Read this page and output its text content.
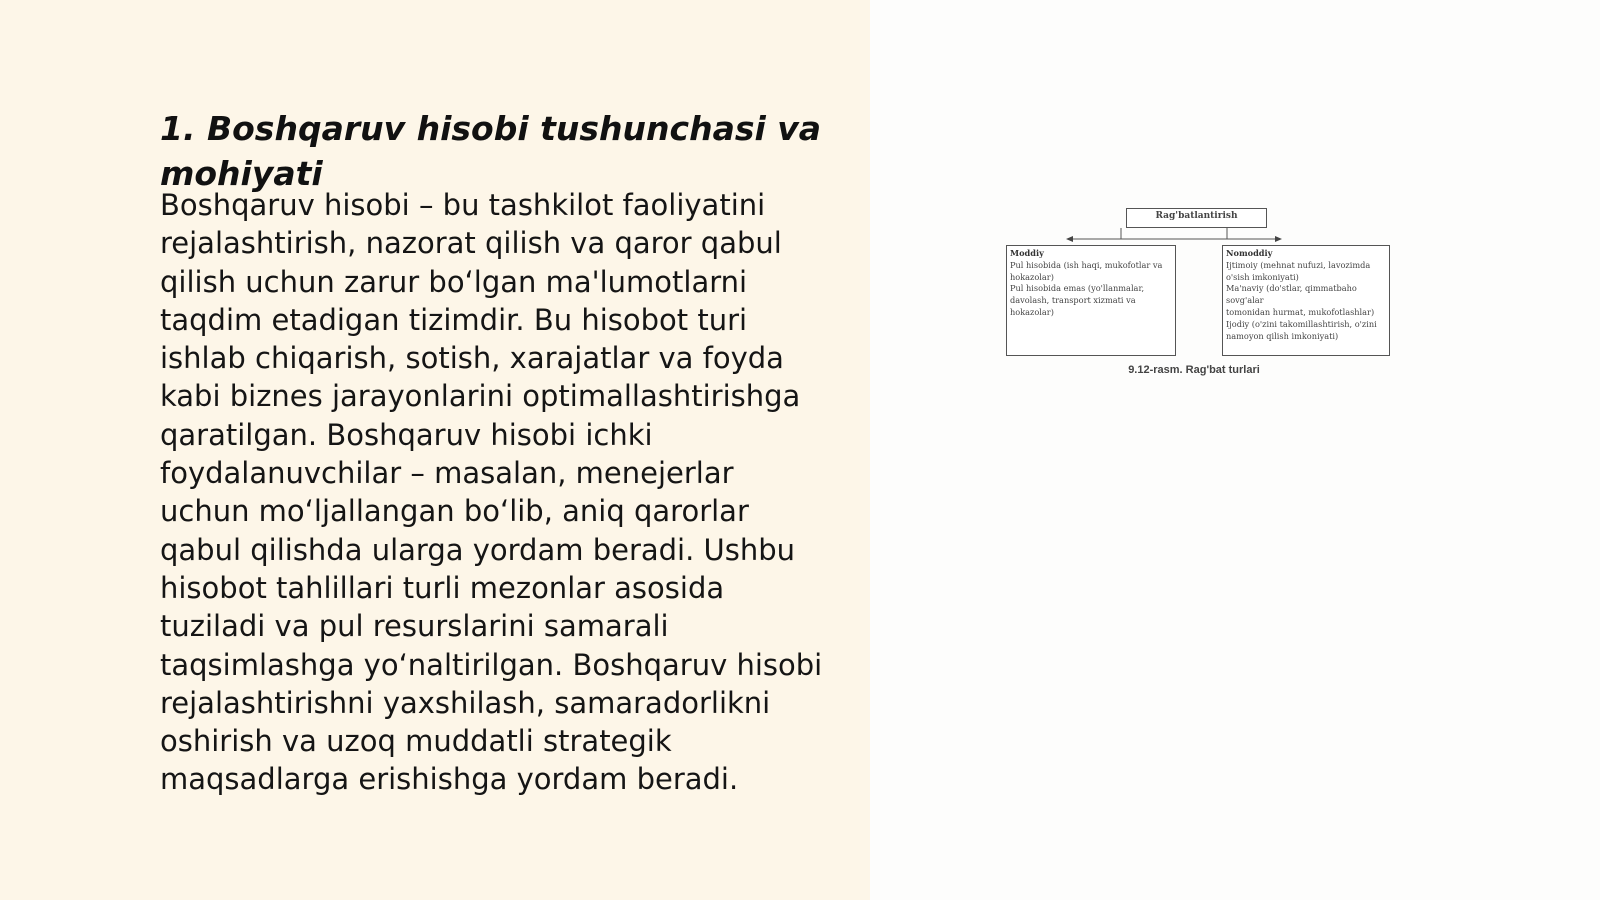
1. Boshqaruv hisobi tushunchasi va mohiyati

Boshqaruv hisobi – bu tashkilot faoliyatini rejalashtirish, nazorat qilish va qaror qabul qilish uchun zarur bo‘lgan ma'lumotlarni taqdim etadigan tizimdir. Bu hisobot turi ishlab chiqarish, sotish, xarajatlar va foyda kabi biznes jarayonlarini optimallashtirishga qaratilgan. Boshqaruv hisobi ichki foydalanuvchilar – masalan, menejerlar uchun mo‘ljallangan bo‘lib, aniq qarorlar qabul qilishda ularga yordam beradi. Ushbu hisobot tahlillari turli mezonlar asosida tuziladi va pul resurslarini samarali taqsimlashga yo‘naltirilgan. Boshqaruv hisobi rejalashtirishni yaxshilash, samaradorlikni oshirish va uzoq muddatli strategik maqsadlarga erishishga yordam beradi.

Rag'batlantirish
Moddiy
Pul hisobida (ish haqi, mukofotlar va
hokazolar)
Pul hisobida emas (yo'llanmalar,
davolash, transport xizmati va
hokazolar)
Nomoddiy
Ijtimoiy (mehnat nufuzi, lavozimda
o'sish imkoniyati)
Ma'naviy (do'stlar, qimmatbaho sovg'alar
tomonidan hurmat, mukofotlashlar)
Ijodiy (o'zini takomillashtirish, o'zini
namoyon qilish imkoniyati)
9.12-rasm. Rag'bat turlari
